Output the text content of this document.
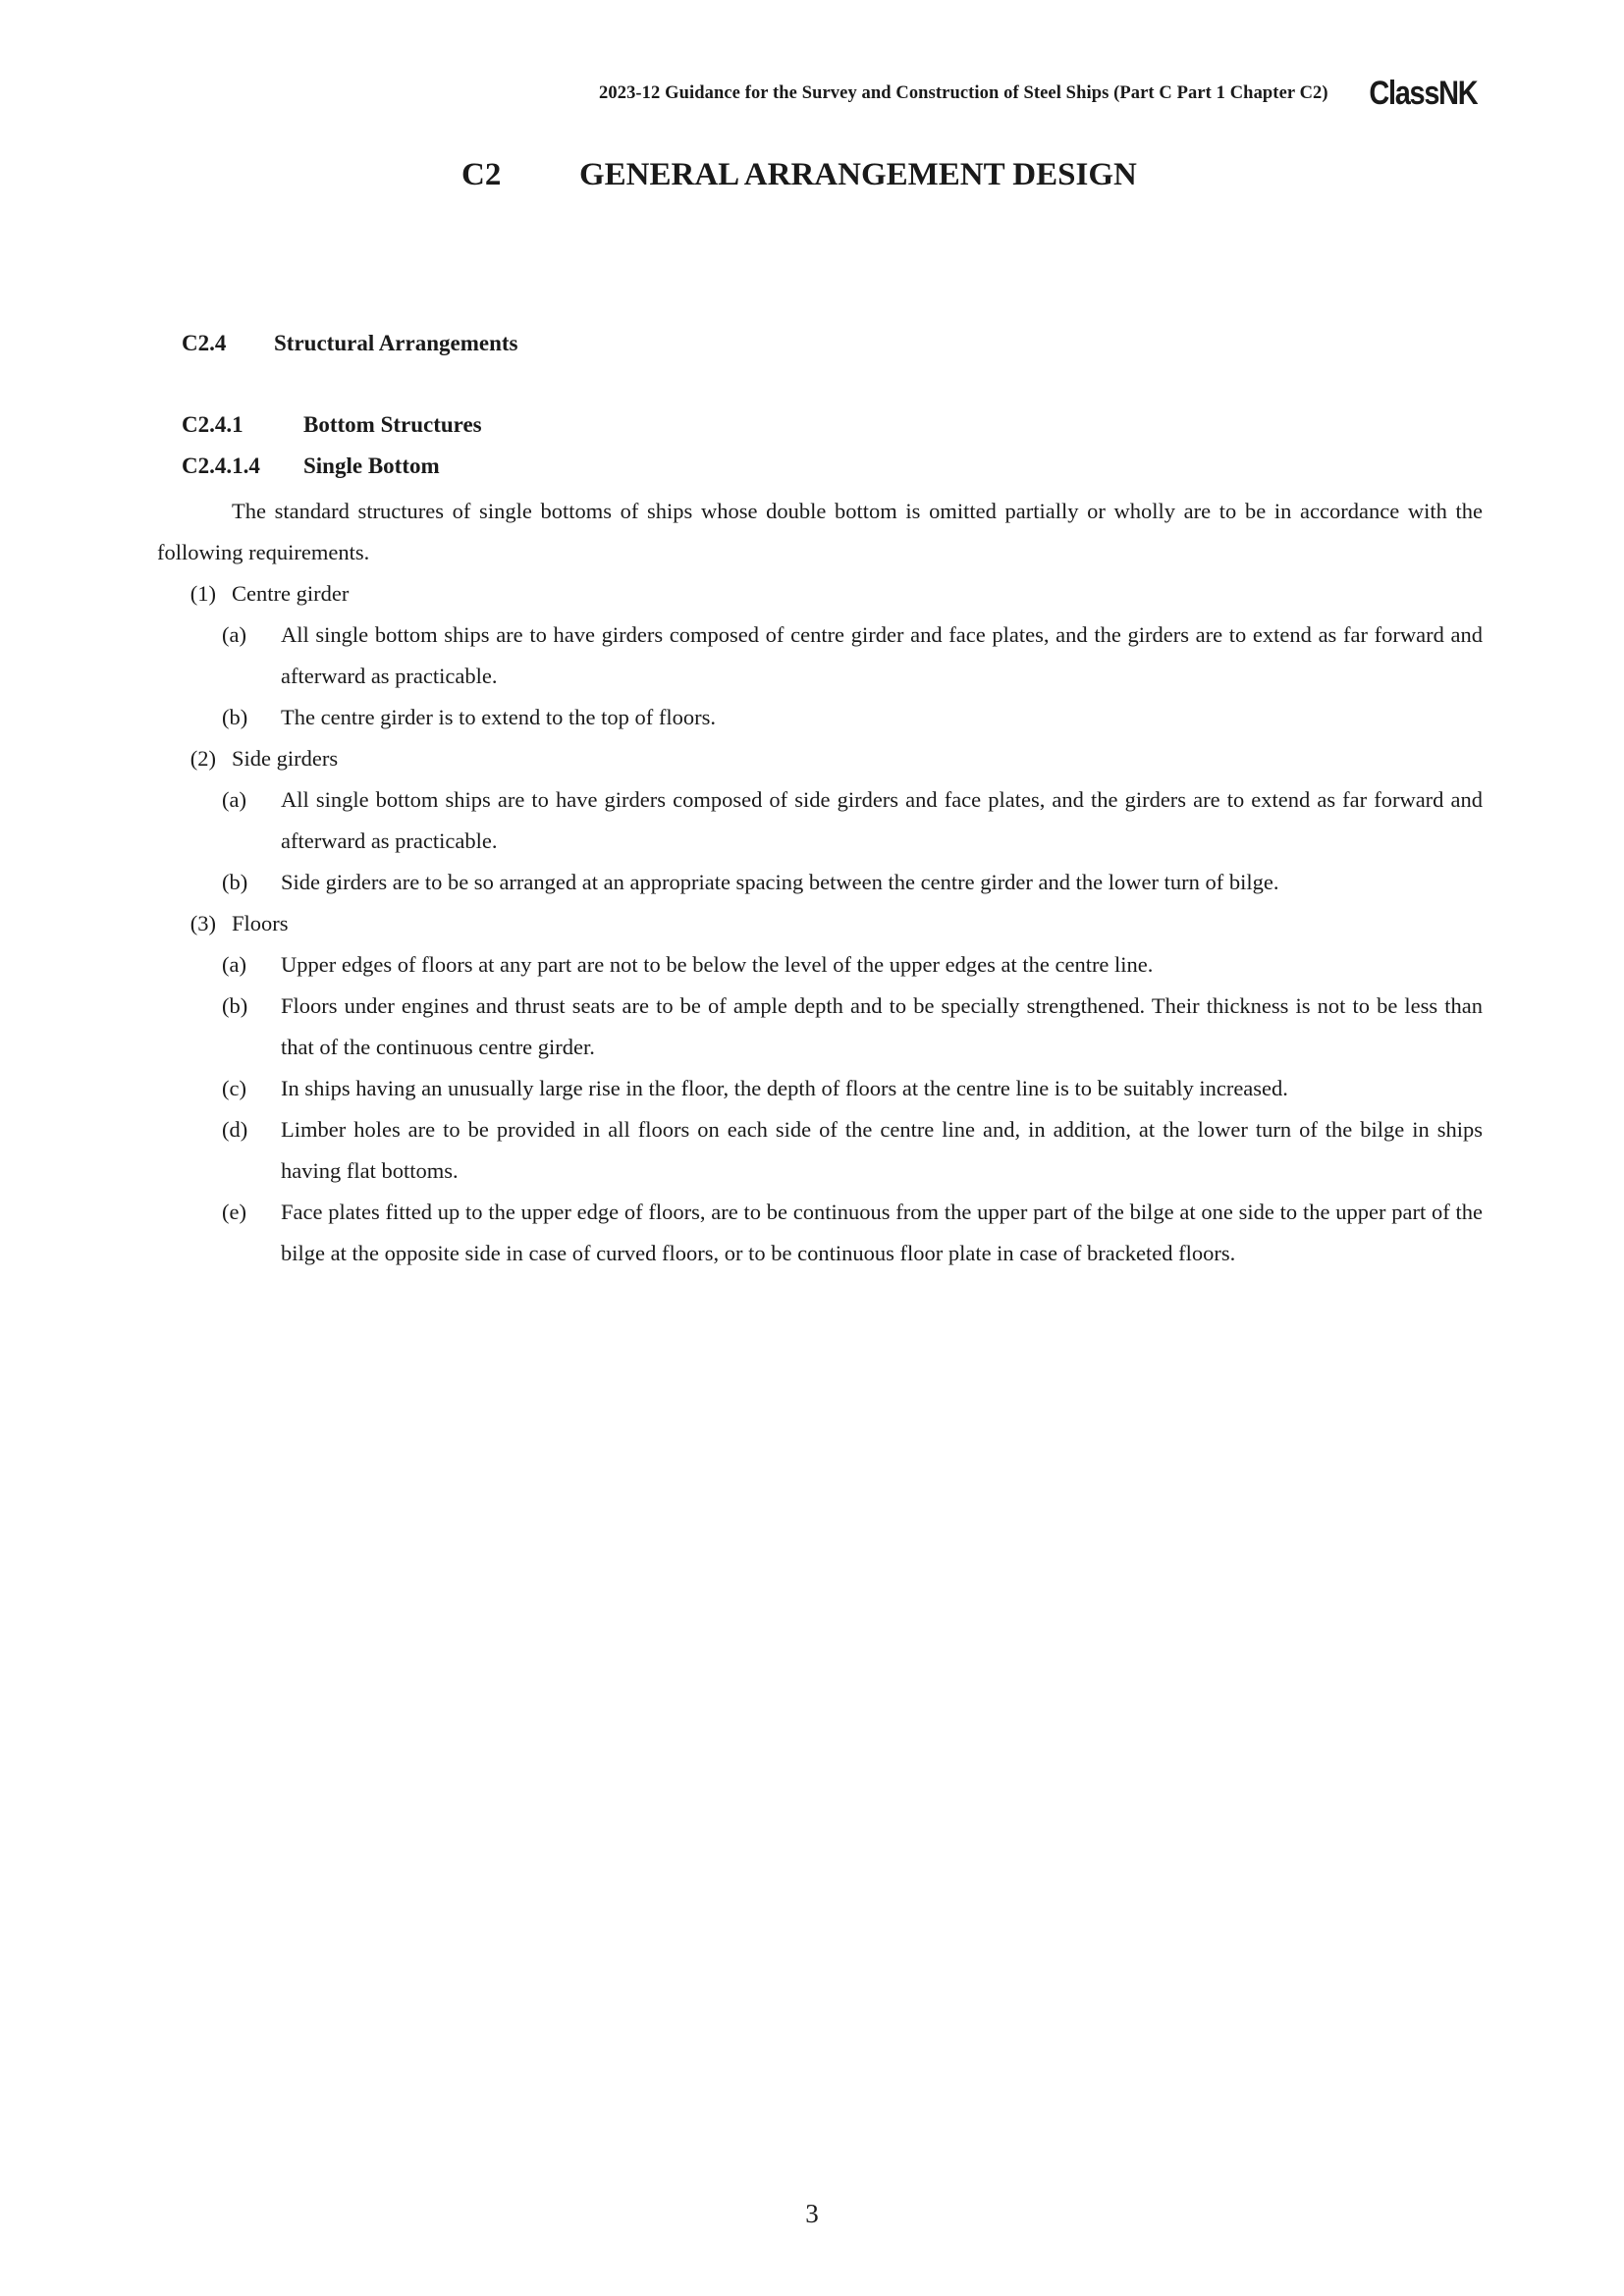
2023-12 Guidance for the Survey and Construction of Steel Ships (Part C Part 1 Chapter C2) ClassNK
C2	GENERAL ARRANGEMENT DESIGN
C2.4	Structural Arrangements
C2.4.1	Bottom Structures
C2.4.1.4	Single Bottom

The standard structures of single bottoms of ships whose double bottom is omitted partially or wholly are to be in accordance with the following requirements.

(1) Centre girder
(a)	All single bottom ships are to have girders composed of centre girder and face plates, and the girders are to extend as far forward and afterward as practicable.
(b)	The centre girder is to extend to the top of floors.
(2) Side girders
(a)	All single bottom ships are to have girders composed of side girders and face plates, and the girders are to extend as far forward and afterward as practicable.
(b)	Side girders are to be so arranged at an appropriate spacing between the centre girder and the lower turn of bilge.
(3) Floors
(a)	Upper edges of floors at any part are not to be below the level of the upper edges at the centre line.
(b)	Floors under engines and thrust seats are to be of ample depth and to be specially strengthened. Their thickness is not to be less than that of the continuous centre girder.
(c)	In ships having an unusually large rise in the floor, the depth of floors at the centre line is to be suitably increased.
(d)	Limber holes are to be provided in all floors on each side of the centre line and, in addition, at the lower turn of the bilge in ships having flat bottoms.
(e)	Face plates fitted up to the upper edge of floors, are to be continuous from the upper part of the bilge at one side to the upper part of the bilge at the opposite side in case of curved floors, or to be continuous floor plate in case of bracketed floors.
3
